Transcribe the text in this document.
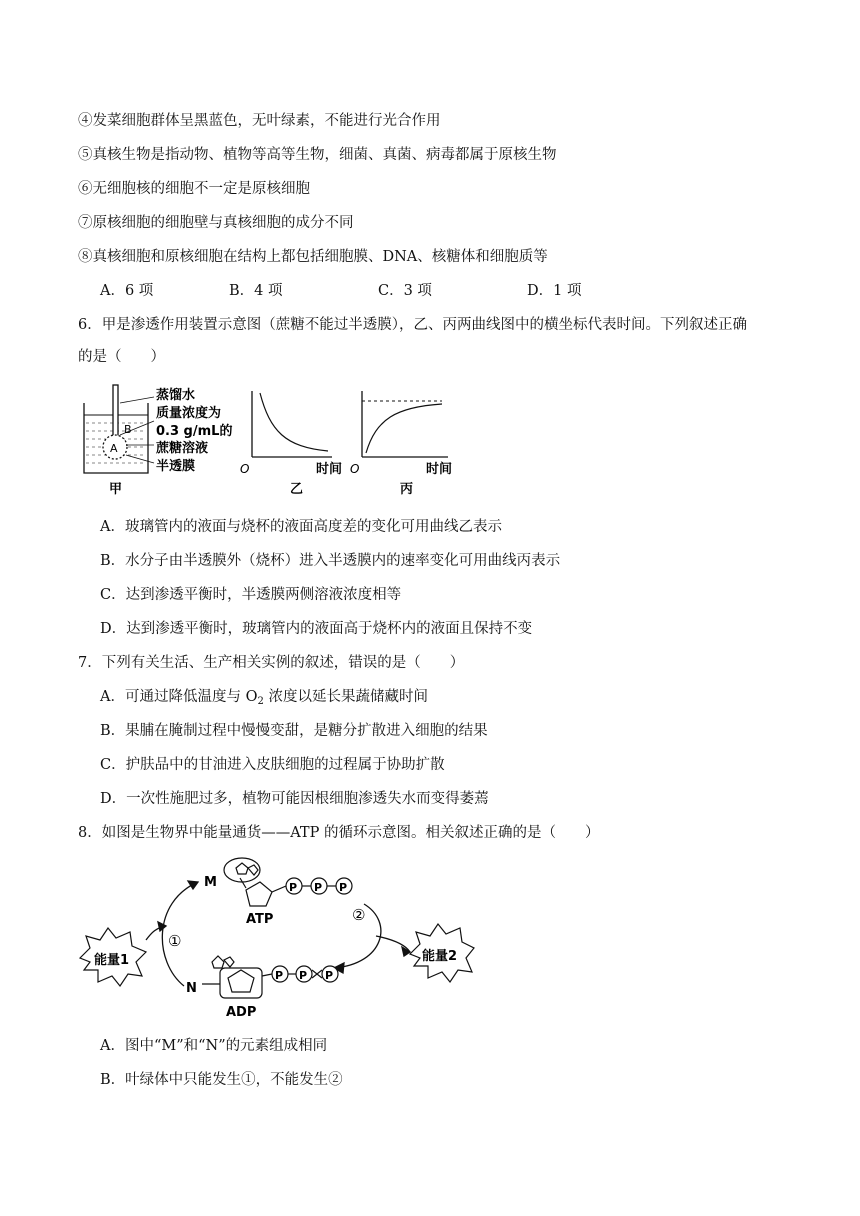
④发菜细胞群体呈黑蓝色，无叶绿素，不能进行光合作用
⑤真核生物是指动物、植物等高等生物，细菌、真菌、病毒都属于原核生物
⑥无细胞核的细胞不一定是原核细胞
⑦原核细胞的细胞壁与真核细胞的成分不同
⑧真核细胞和原核细胞在结构上都包括细胞膜、DNA、核糖体和细胞质等
A．6 项	B．4 项	C．3 项	D．1 项
6．甲是渗透作用装置示意图（蔗糖不能过半透膜），乙、丙两曲线图中的横坐标代表时间。下列叙述正确
的是（　　）
A
B
蒸馏水
质量浓度为
0.3 g/mL的
蔗糖溶液
半透膜
甲
O	时间
乙
O	时间
丙
A．玻璃管内的液面与烧杯的液面高度差的变化可用曲线乙表示
B．水分子由半透膜外（烧杯）进入半透膜内的速率变化可用曲线丙表示
C．达到渗透平衡时，半透膜两侧溶液浓度相等
D．达到渗透平衡时，玻璃管内的液面高于烧杯内的液面且保持不变
7．下列有关生活、生产相关实例的叙述，错误的是（　　）
A．可通过降低温度与 $O_2$ 浓度以延长果蔬储藏时间
B．果脯在腌制过程中慢慢变甜，是糖分扩散进入细胞的结果
C．护肤品中的甘油进入皮肤细胞的过程属于协助扩散
D．一次性施肥过多，植物可能因根细胞渗透失水而变得萎蔫
8．如图是生物界中能量通货——ATP 的循环示意图。相关叙述正确的是（　　）
能量1	能量2
M
N
P P P
ATP
①
②
P P P
ADP
A．图中“M”和“N”的元素组成相同
B．叶绿体中只能发生①，不能发生②
